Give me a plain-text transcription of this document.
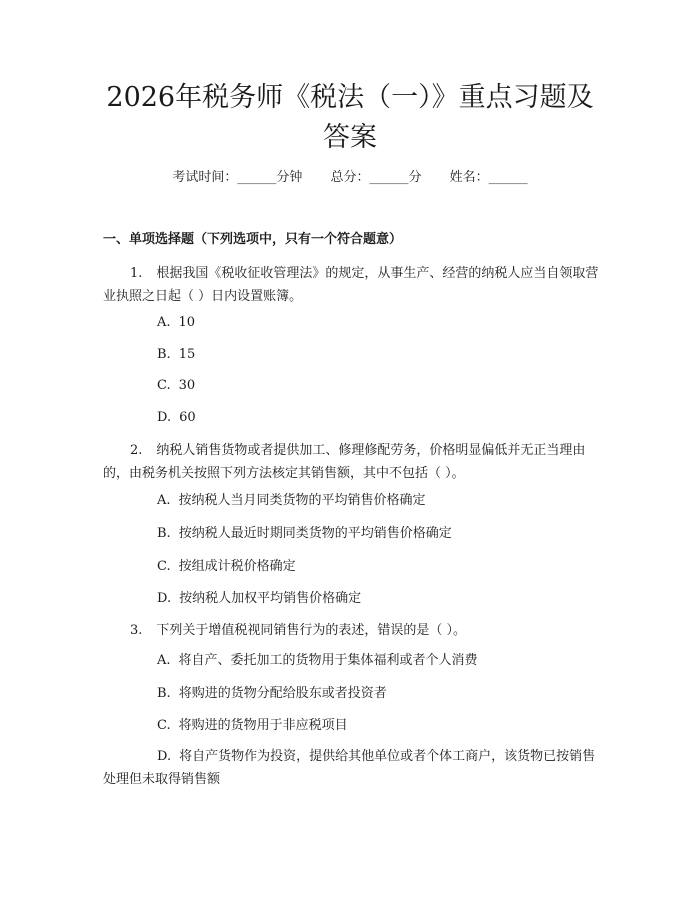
2026年税务师《税法（一）》重点习题及答案
考试时间：______分钟 总分：______分 姓名：______
一、单项选择题（下列选项中，只有一个符合题意）
1. 根据我国《税收征收管理法》的规定，从事生产、经营的纳税人应当自领取营业执照之日起（ ）日内设置账簿。
A. 10
B. 15
C. 30
D. 60
2. 纳税人销售货物或者提供加工、修理修配劳务，价格明显偏低并无正当理由的，由税务机关按照下列方法核定其销售额，其中不包括（ ）。
A. 按纳税人当月同类货物的平均销售价格确定
B. 按纳税人最近时期同类货物的平均销售价格确定
C. 按组成计税价格确定
D. 按纳税人加权平均销售价格确定
3. 下列关于增值税视同销售行为的表述，错误的是（ ）。
A. 将自产、委托加工的货物用于集体福利或者个人消费
B. 将购进的货物分配给股东或者投资者
C. 将购进的货物用于非应税项目
D. 将自产货物作为投资，提供给其他单位或者个体工商户，该货物已按销售处理但未取得销售额
